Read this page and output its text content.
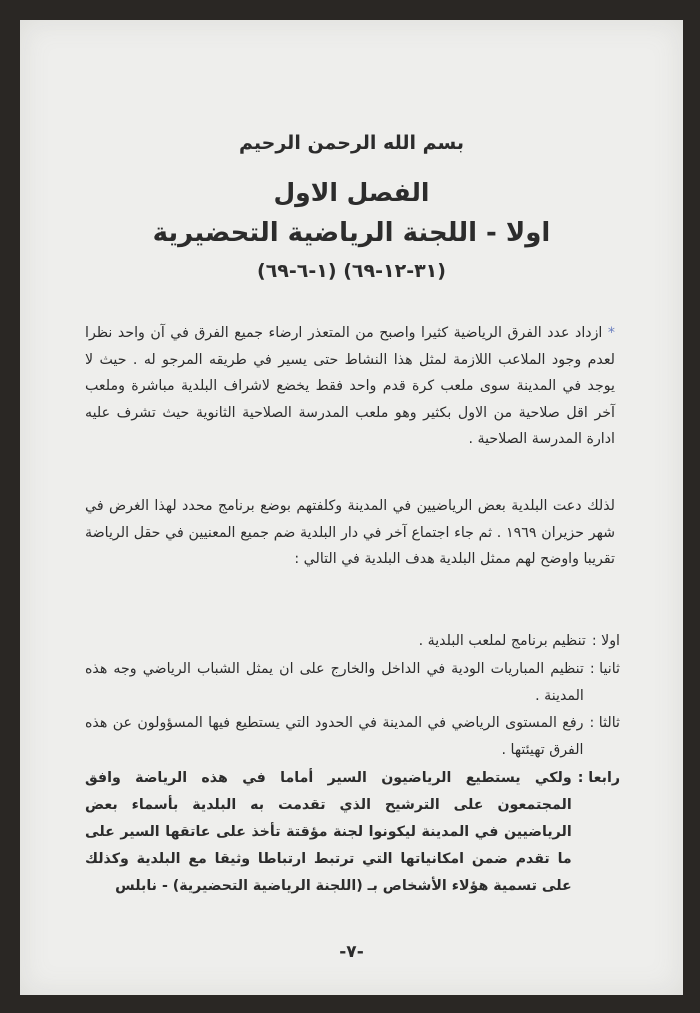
بسم الله الرحمن الرحيم
الفصل الاول
اولا - اللجنة الرياضية التحضيرية
(١-٦-٦٩) (٣١-١٢-٦٩)
* ازداد عدد الفرق الرياضية كثيرا واصبح من المتعذر ارضاء جميع الفرق في آن واحد نظرا لعدم وجود الملاعب اللازمة لمثل هذا النشاط حتى يسير في طريقه المرجو له . حيث لا يوجد في المدينة سوى ملعب كرة قدم واحد فقط يخضع لاشراف البلدية مباشرة وملعب آخر اقل صلاحية من الاول بكثير وهو ملعب المدرسة الصلاحية الثانوية حيث تشرف عليه ادارة المدرسة الصلاحية .
لذلك دعت البلدية بعض الرياضيين في المدينة وكلفتهم بوضع برنامج محدد لهذا الغرض في شهر حزيران ١٩٦٩ . ثم جاء اجتماع آخر في دار البلدية ضم جميع المعنيين في حقل الرياضة تقريبا واوضح لهم ممثل البلدية هدف البلدية في التالي :
اولا :
تنظيم برنامج لملعب البلدية .
ثانيا :
تنظيم المباريات الودية في الداخل والخارج على ان يمثل الشباب الرياضي وجه هذه المدينة .
ثالثا :
رفع المستوى الرياضي في المدينة في الحدود التي يستطيع فيها المسؤولون عن هذه الفرق تهيئتها .
رابعا :
ولكي يستطيع الرياضيون السير أماما في هذه الرياضة وافق المجتمعون على الترشيح الذي تقدمت به البلدية بأسماء بعض الرياضيين في المدينة ليكونوا لجنة مؤقتة تأخذ على عاتقها السير على ما تقدم ضمن امكانياتها التي ترتبط ارتباطا وثيقا مع البلدية وكذلك على تسمية هؤلاء الأشخاص بـ (اللجنة الرياضية التحضيرية) - نابلس
-٧-
